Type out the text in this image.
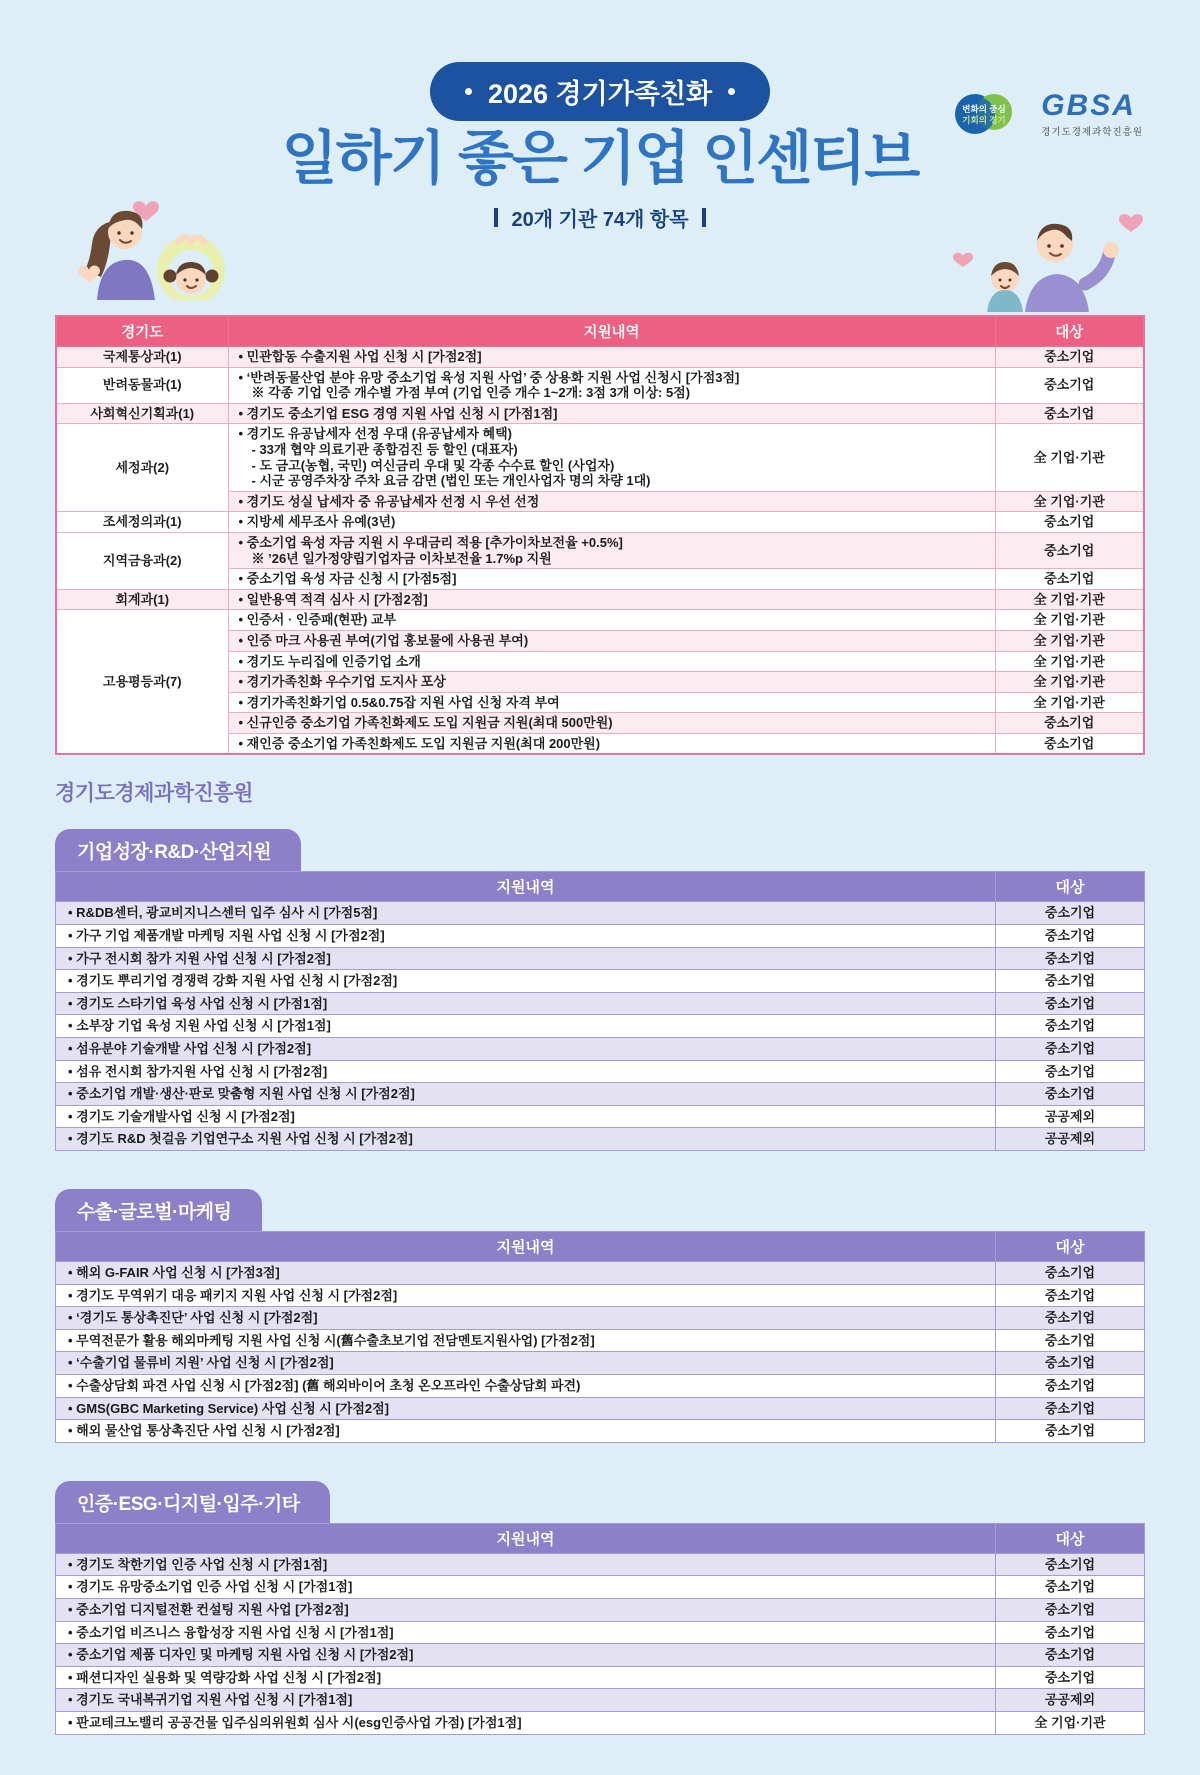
변화의 중심
기회의 경기 GBSA
경기도경제과학진흥원
2026 경기가족친화
일하기 좋은 기업 인센티브
20개 기관 74개 항목
경기도	지원내역	대상
국제통상과(1)	• 민관합동 수출지원 사업 신청 시 [가점2점]	중소기업
반려동물과(1)	• ‘반려동물산업 분야 유망 중소기업 육성 지원 사업’ 중 상용화 지원 사업 신청시 [가점3점]
※ 각종 기업 인증 개수별 가점 부여 (기업 인증 개수 1~2개: 3점 3개 이상: 5점)	중소기업
사회혁신기획과(1)	• 경기도 중소기업 ESG 경영 지원 사업 신청 시 [가점1점]	중소기업
세정과(2)	• 경기도 유공납세자 선정 우대 (유공납세자 혜택)
- 33개 협약 의료기관 종합검진 등 할인 (대표자)
- 도 금고(농협, 국민) 여신금리 우대 및 각종 수수료 할인 (사업자)
- 시군 공영주차장 주차 요금 감면 (법인 또는 개인사업자 명의 차량 1대)	全 기업·기관

	• 경기도 성실 납세자 중 유공납세자 선정 시 우선 선정	全 기업·기관
조세정의과(1)	• 지방세 세무조사 유예(3년)	중소기업
지역금융과(2)	• 중소기업 육성 자금 지원 시 우대금리 적용 [추가이차보전율 +0.5%]
※ ’26년 일가정양립기업자금 이차보전율 1.7%p 지원	중소기업

	• 중소기업 육성 자금 신청 시 [가점5점]	중소기업
회계과(1)	• 일반용역 적격 심사 시 [가점2점]	全 기업·기관
고용평등과(7)	• 인증서 · 인증패(현판) 교부	全 기업·기관

	• 인증 마크 사용권 부여(기업 홍보물에 사용권 부여)	全 기업·기관

	• 경기도 누리집에 인증기업 소개	全 기업·기관

	• 경기가족친화 우수기업 도지사 포상	全 기업·기관

	• 경기가족친화기업 0.5&0.75잡 지원 사업 신청 자격 부여	全 기업·기관

	• 신규인증 중소기업 가족친화제도 도입 지원금 지원(최대 500만원)	중소기업

	• 재인증 중소기업 가족친화제도 도입 지원금 지원(최대 200만원)	중소기업
경기도경제과학진흥원
기업성장·R&D·산업지원
지원내역	대상
• R&DB센터, 광교비지니스센터 입주 심사 시 [가점5점]	중소기업
• 가구 기업 제품개발 마케팅 지원 사업 신청 시 [가점2점]	중소기업
• 가구 전시회 참가 지원 사업 신청 시 [가점2점]	중소기업
• 경기도 뿌리기업 경쟁력 강화 지원 사업 신청 시 [가점2점]	중소기업
• 경기도 스타기업 육성 사업 신청 시 [가점1점]	중소기업
• 소부장 기업 육성 지원 사업 신청 시 [가점1점]	중소기업
• 섬유분야 기술개발 사업 신청 시 [가점2점]	중소기업
• 섬유 전시회 참가지원 사업 신청 시 [가점2점]	중소기업
• 중소기업 개발·생산·판로 맞춤형 지원 사업 신청 시 [가점2점]	중소기업
• 경기도 기술개발사업 신청 시 [가점2점]	공공제외
• 경기도 R&D 첫걸음 기업연구소 지원 사업 신청 시 [가점2점]	공공제외
수출·글로벌·마케팅
지원내역	대상
• 해외 G-FAIR 사업 신청 시 [가점3점]	중소기업
• 경기도 무역위기 대응 패키지 지원 사업 신청 시 [가점2점]	중소기업
• ‘경기도 통상촉진단’ 사업 신청 시 [가점2점]	중소기업
• 무역전문가 활용 해외마케팅 지원 사업 신청 시(舊수출초보기업 전담멘토지원사업) [가점2점]	중소기업
• ‘수출기업 물류비 지원’ 사업 신청 시 [가점2점]	중소기업
• 수출상담회 파견 사업 신청 시 [가점2점] (舊 해외바이어 초청 온오프라인 수출상담회 파견)	중소기업
• GMS(GBC Marketing Service) 사업 신청 시 [가점2점]	중소기업
• 해외 물산업 통상촉진단 사업 신청 시 [가점2점]	중소기업
인증·ESG·디지털·입주·기타
지원내역	대상
• 경기도 착한기업 인증 사업 신청 시 [가점1점]	중소기업
• 경기도 유망중소기업 인증 사업 신청 시 [가점1점]	중소기업
• 중소기업 디지털전환 컨설팅 지원 사업 [가점2점]	중소기업
• 중소기업 비즈니스 융합성장 지원 사업 신청 시 [가점1점]	중소기업
• 중소기업 제품 디자인 및 마케팅 지원 사업 신청 시 [가점2점]	중소기업
• 패션디자인 실용화 및 역량강화 사업 신청 시 [가점2점]	중소기업
• 경기도 국내복귀기업 지원 사업 신청 시 [가점1점]	공공제외
• 판교테크노밸리 공공건물 입주심의위원회 심사 시(esg인증사업 가점) [가점1점]	全 기업·기관
